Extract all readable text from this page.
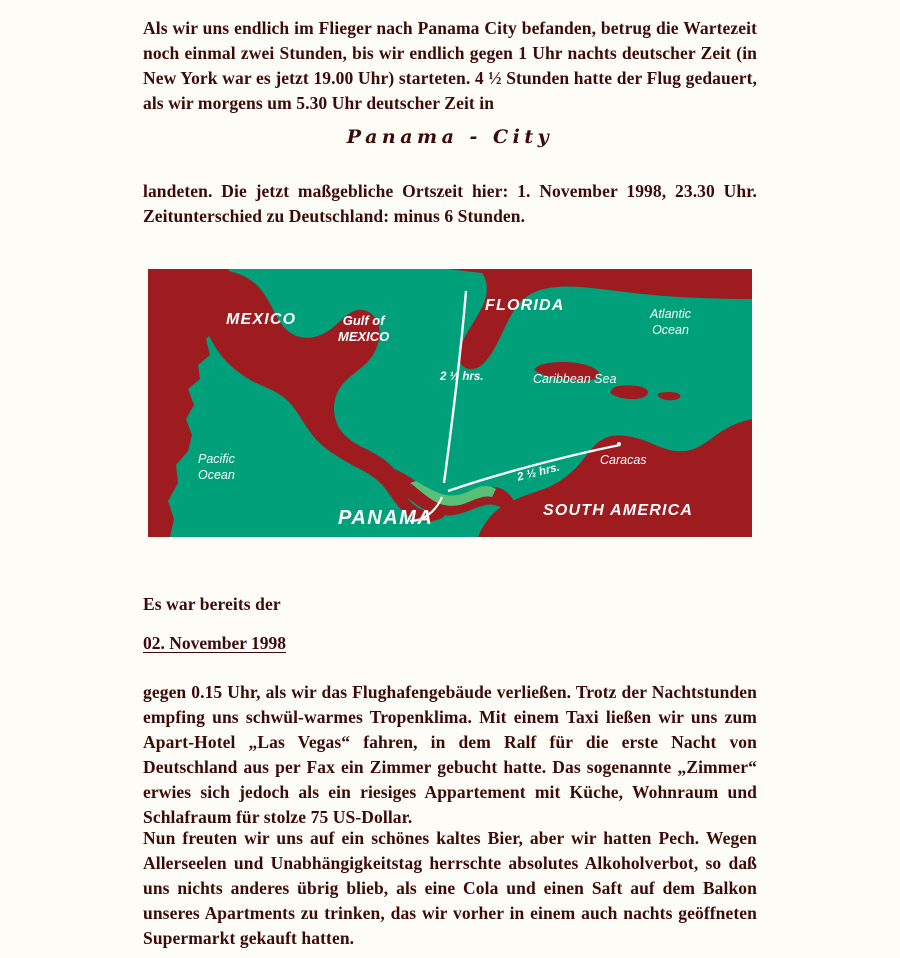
Als wir uns endlich im Flieger nach Panama City befanden, betrug die Wartezeit noch einmal zwei Stunden, bis wir endlich gegen 1 Uhr nachts deutscher Zeit (in New York war es jetzt 19.00 Uhr) starteten. 4 ½ Stunden hatte der Flug gedauert, als wir morgens um 5.30 Uhr deutscher Zeit in
Panama - City
landeten. Die jetzt maßgebliche Ortszeit hier: 1. November 1998, 23.30 Uhr. Zeitunterschied zu Deutschland: minus 6 Stunden.
MEXICO	Gulf of
MEXICO
FLORIDA	Atlantic
Ocean
Caribbean Sea
Pacific
Ocean
Caracas
SOUTH AMERICA
PANAMA
2 ½ hrs.
2 ½ hrs.
Es war bereits der
02. November 1998
gegen 0.15 Uhr, als wir das Flughafengebäude verließen. Trotz der Nachtstunden empfing uns schwül-warmes Tropenklima. Mit einem Taxi ließen wir uns zum Apart-Hotel „Las Vegas“ fahren, in dem Ralf für die erste Nacht von Deutschland aus per Fax ein Zimmer gebucht hatte. Das sogenannte „Zimmer“ erwies sich jedoch als ein riesiges Appartement mit Küche, Wohnraum und Schlafraum für stolze 75 US-Dollar.
Nun freuten wir uns auf ein schönes kaltes Bier, aber wir hatten Pech. Wegen Allerseelen und Unabhängigkeitstag herrschte absolutes Alkoholverbot, so daß uns nichts anderes übrig blieb, als eine Cola und einen Saft auf dem Balkon unseres Apartments zu trinken, das wir vorher in einem auch nachts geöffneten Supermarkt gekauft hatten.
